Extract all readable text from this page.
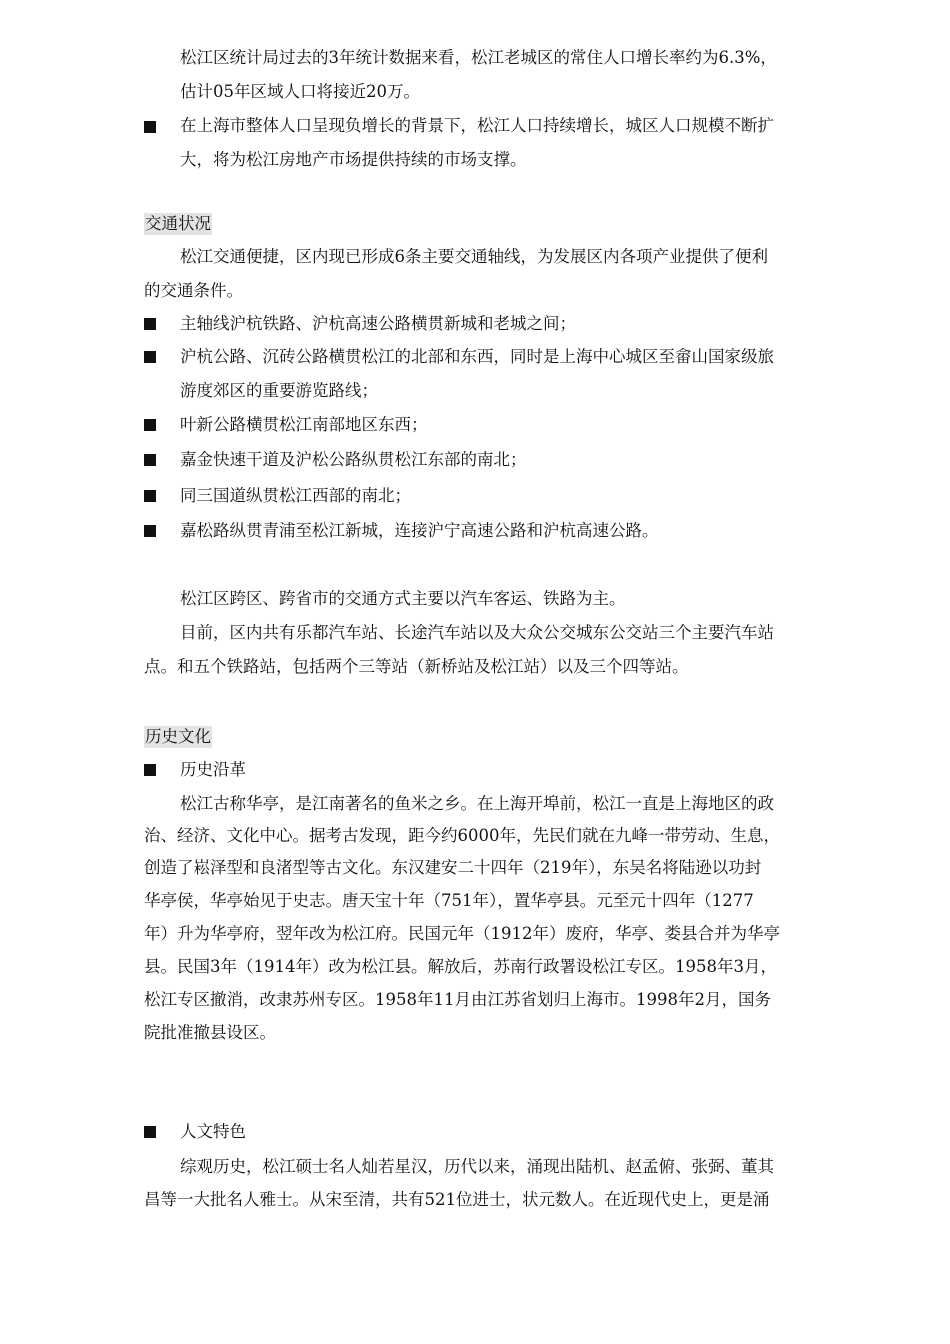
松江区统计局过去的3年统计数据来看，松江老城区的常住人口增长率约为6.3%，
估计05年区域人口将接近20万。
在上海市整体人口呈现负增长的背景下，松江人口持续增长，城区人口规模不断扩
大，将为松江房地产市场提供持续的市场支撑。
交通状况
松江交通便捷，区内现已形成6条主要交通轴线，为发展区内各项产业提供了便利
的交通条件。
主轴线沪杭铁路、沪杭高速公路横贯新城和老城之间；
沪杭公路、沉砖公路横贯松江的北部和东西，同时是上海中心城区至畲山国家级旅
游度郊区的重要游览路线；
叶新公路横贯松江南部地区东西；
嘉金快速干道及沪松公路纵贯松江东部的南北；
同三国道纵贯松江西部的南北；
嘉松路纵贯青浦至松江新城，连接沪宁高速公路和沪杭高速公路。
松江区跨区、跨省市的交通方式主要以汽车客运、铁路为主。
目前，区内共有乐都汽车站、长途汽车站以及大众公交城东公交站三个主要汽车站
点。和五个铁路站，包括两个三等站（新桥站及松江站）以及三个四等站。
历史文化
历史沿革
松江古称华亭，是江南著名的鱼米之乡。在上海开埠前，松江一直是上海地区的政
治、经济、文化中心。据考古发现，距今约6000年，先民们就在九峰一带劳动、生息，
创造了崧泽型和良渚型等古文化。东汉建安二十四年（219年），东吴名将陆逊以功封
华亭侯，华亭始见于史志。唐天宝十年（751年），置华亭县。元至元十四年（1277
年）升为华亭府，翌年改为松江府。民国元年（1912年）废府，华亭、娄县合并为华亭
县。民国3年（1914年）改为松江县。解放后，苏南行政署设松江专区。1958年3月，
松江专区撤消，改隶苏州专区。1958年11月由江苏省划归上海市。1998年2月，国务
院批准撤县设区。
人文特色
综观历史，松江硕士名人灿若星汉，历代以来，涌现出陆机、赵孟俯、张弼、董其
昌等一大批名人雅士。从宋至清，共有521位进士，状元数人。在近现代史上，更是涌
